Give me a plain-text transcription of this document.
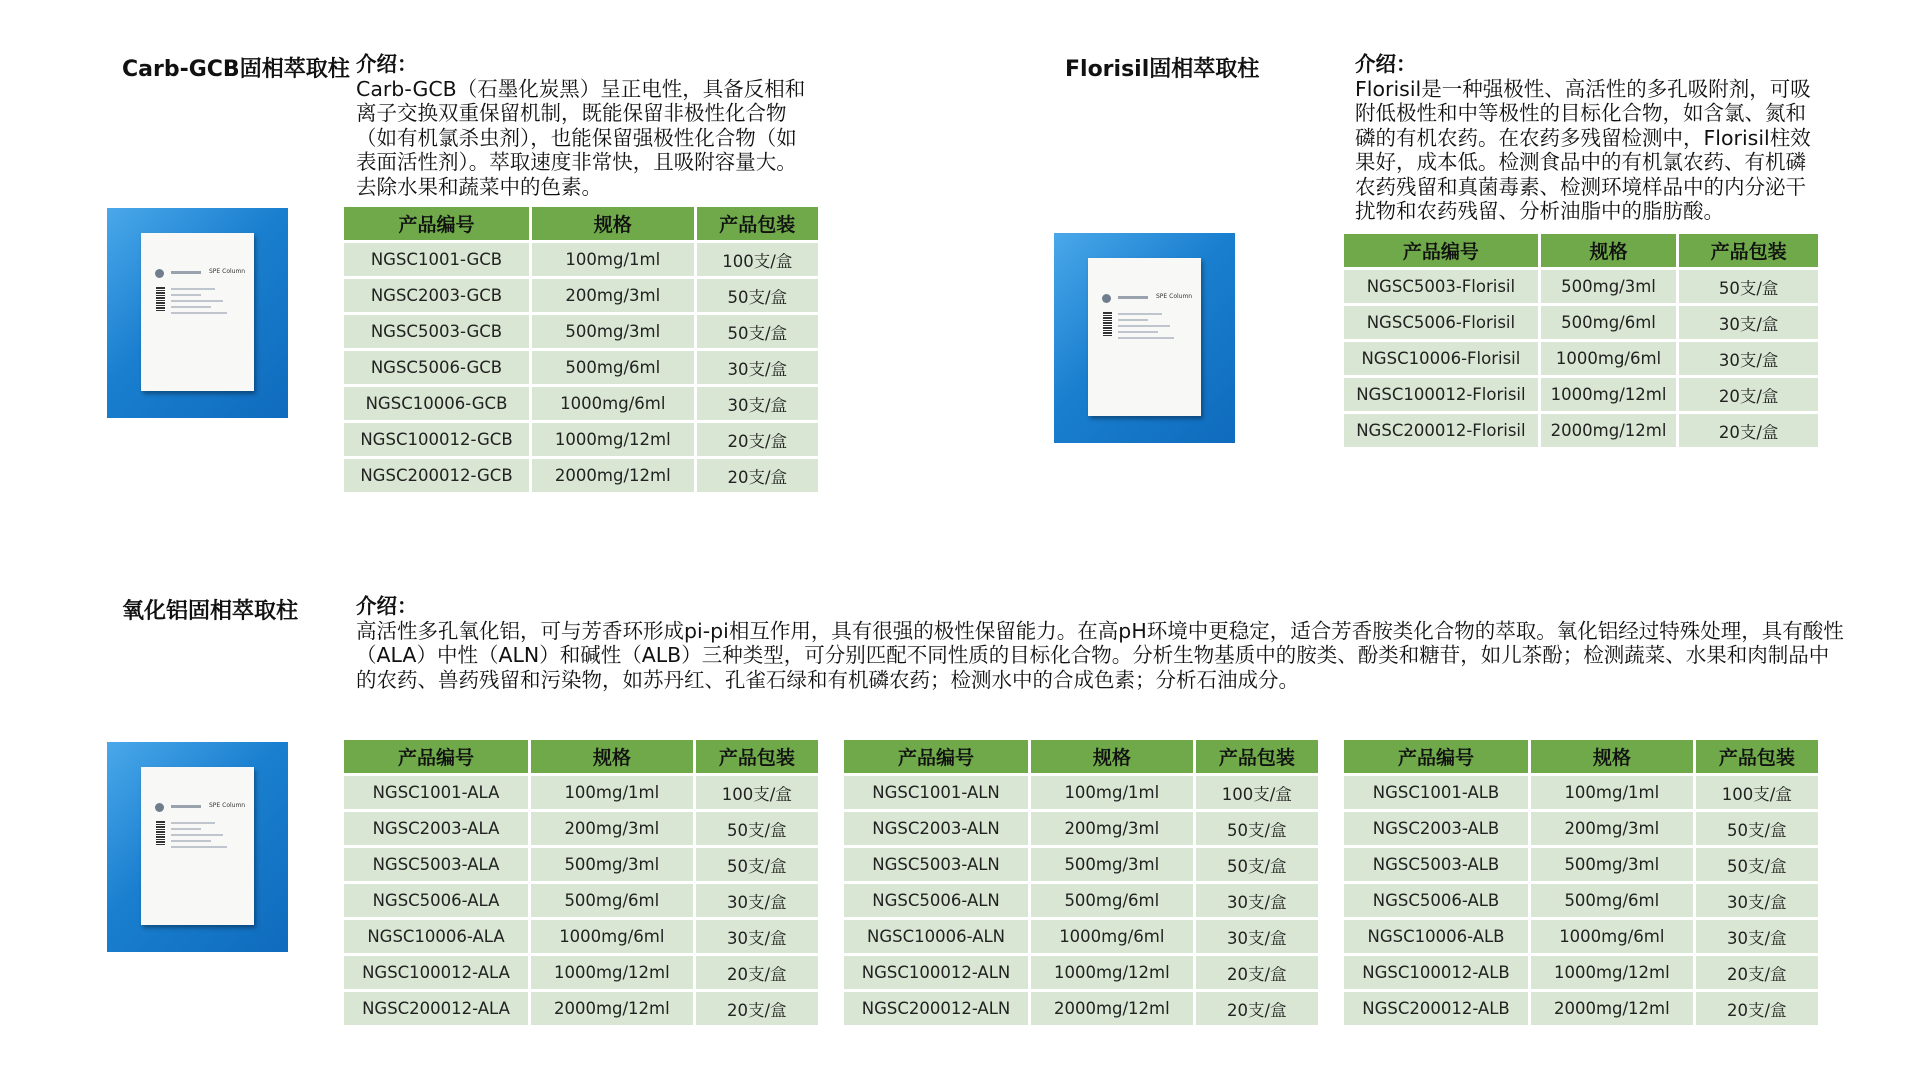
Carb-GCB固相萃取柱 介绍：

Carb-GCB（石墨化炭黑）呈正电性，具备反相和

离子交换双重保留机制，既能保留非极性化合物

（如有机氯杀虫剂），也能保留强极性化合物（如

表面活性剂）。萃取速度非常快，且吸附容量大。

去除水果和蔬菜中的色素。

SPE Column
产品编号	规格	产品包装
NGSC1001-GCB	100mg/1ml	100支/盒
NGSC2003-GCB	200mg/3ml	50支/盒
NGSC5003-GCB	500mg/3ml	50支/盒
NGSC5006-GCB	500mg/6ml	30支/盒
NGSC10006-GCB	1000mg/6ml	30支/盒
NGSC100012-GCB	1000mg/12ml	20支/盒
NGSC200012-GCB	2000mg/12ml	20支/盒
Florisil固相萃取柱	介绍：

Florisil是一种强极性、高活性的多孔吸附剂，可吸

附低极性和中等极性的目标化合物，如含氯、氮和

磷的有机农药。在农药多残留检测中，Florisil柱效

果好，成本低。检测食品中的有机氯农药、有机磷

农药残留和真菌毒素、检测环境样品中的内分泌干

扰物和农药残留、分析油脂中的脂肪酸。

SPE Column
产品编号	规格	产品包装
NGSC5003-Florisil	500mg/3ml	50支/盒
NGSC5006-Florisil	500mg/6ml	30支/盒
NGSC10006-Florisil	1000mg/6ml	30支/盒
NGSC100012-Florisil	1000mg/12ml	20支/盒
NGSC200012-Florisil	2000mg/12ml	20支/盒
氧化铝固相萃取柱	介绍：

高活性多孔氧化铝，可与芳香环形成pi-pi相互作用，具有很强的极性保留能力。在高pH环境中更稳定，适合芳香胺类化合物的萃取。氧化铝经过特殊处理，具有酸性

（ALA）中性（ALN）和碱性（ALB）三种类型，可分别匹配不同性质的目标化合物。分析生物基质中的胺类、酚类和糖苷，如儿茶酚；检测蔬菜、水果和肉制品中

的农药、兽药残留和污染物，如苏丹红、孔雀石绿和有机磷农药；检测水中的合成色素；分析石油成分。

SPE Column
产品编号	规格	产品包装
NGSC1001-ALA	100mg/1ml	100支/盒
NGSC2003-ALA	200mg/3ml	50支/盒
NGSC5003-ALA	500mg/3ml	50支/盒
NGSC5006-ALA	500mg/6ml	30支/盒
NGSC10006-ALA	1000mg/6ml	30支/盒
NGSC100012-ALA	1000mg/12ml	20支/盒
NGSC200012-ALA	2000mg/12ml	20支/盒
产品编号	规格	产品包装
NGSC1001-ALN	100mg/1ml	100支/盒
NGSC2003-ALN	200mg/3ml	50支/盒
NGSC5003-ALN	500mg/3ml	50支/盒
NGSC5006-ALN	500mg/6ml	30支/盒
NGSC10006-ALN	1000mg/6ml	30支/盒
NGSC100012-ALN	1000mg/12ml	20支/盒
NGSC200012-ALN	2000mg/12ml	20支/盒
产品编号	规格	产品包装
NGSC1001-ALB	100mg/1ml	100支/盒
NGSC2003-ALB	200mg/3ml	50支/盒
NGSC5003-ALB	500mg/3ml	50支/盒
NGSC5006-ALB	500mg/6ml	30支/盒
NGSC10006-ALB	1000mg/6ml	30支/盒
NGSC100012-ALB	1000mg/12ml	20支/盒
NGSC200012-ALB	2000mg/12ml	20支/盒
